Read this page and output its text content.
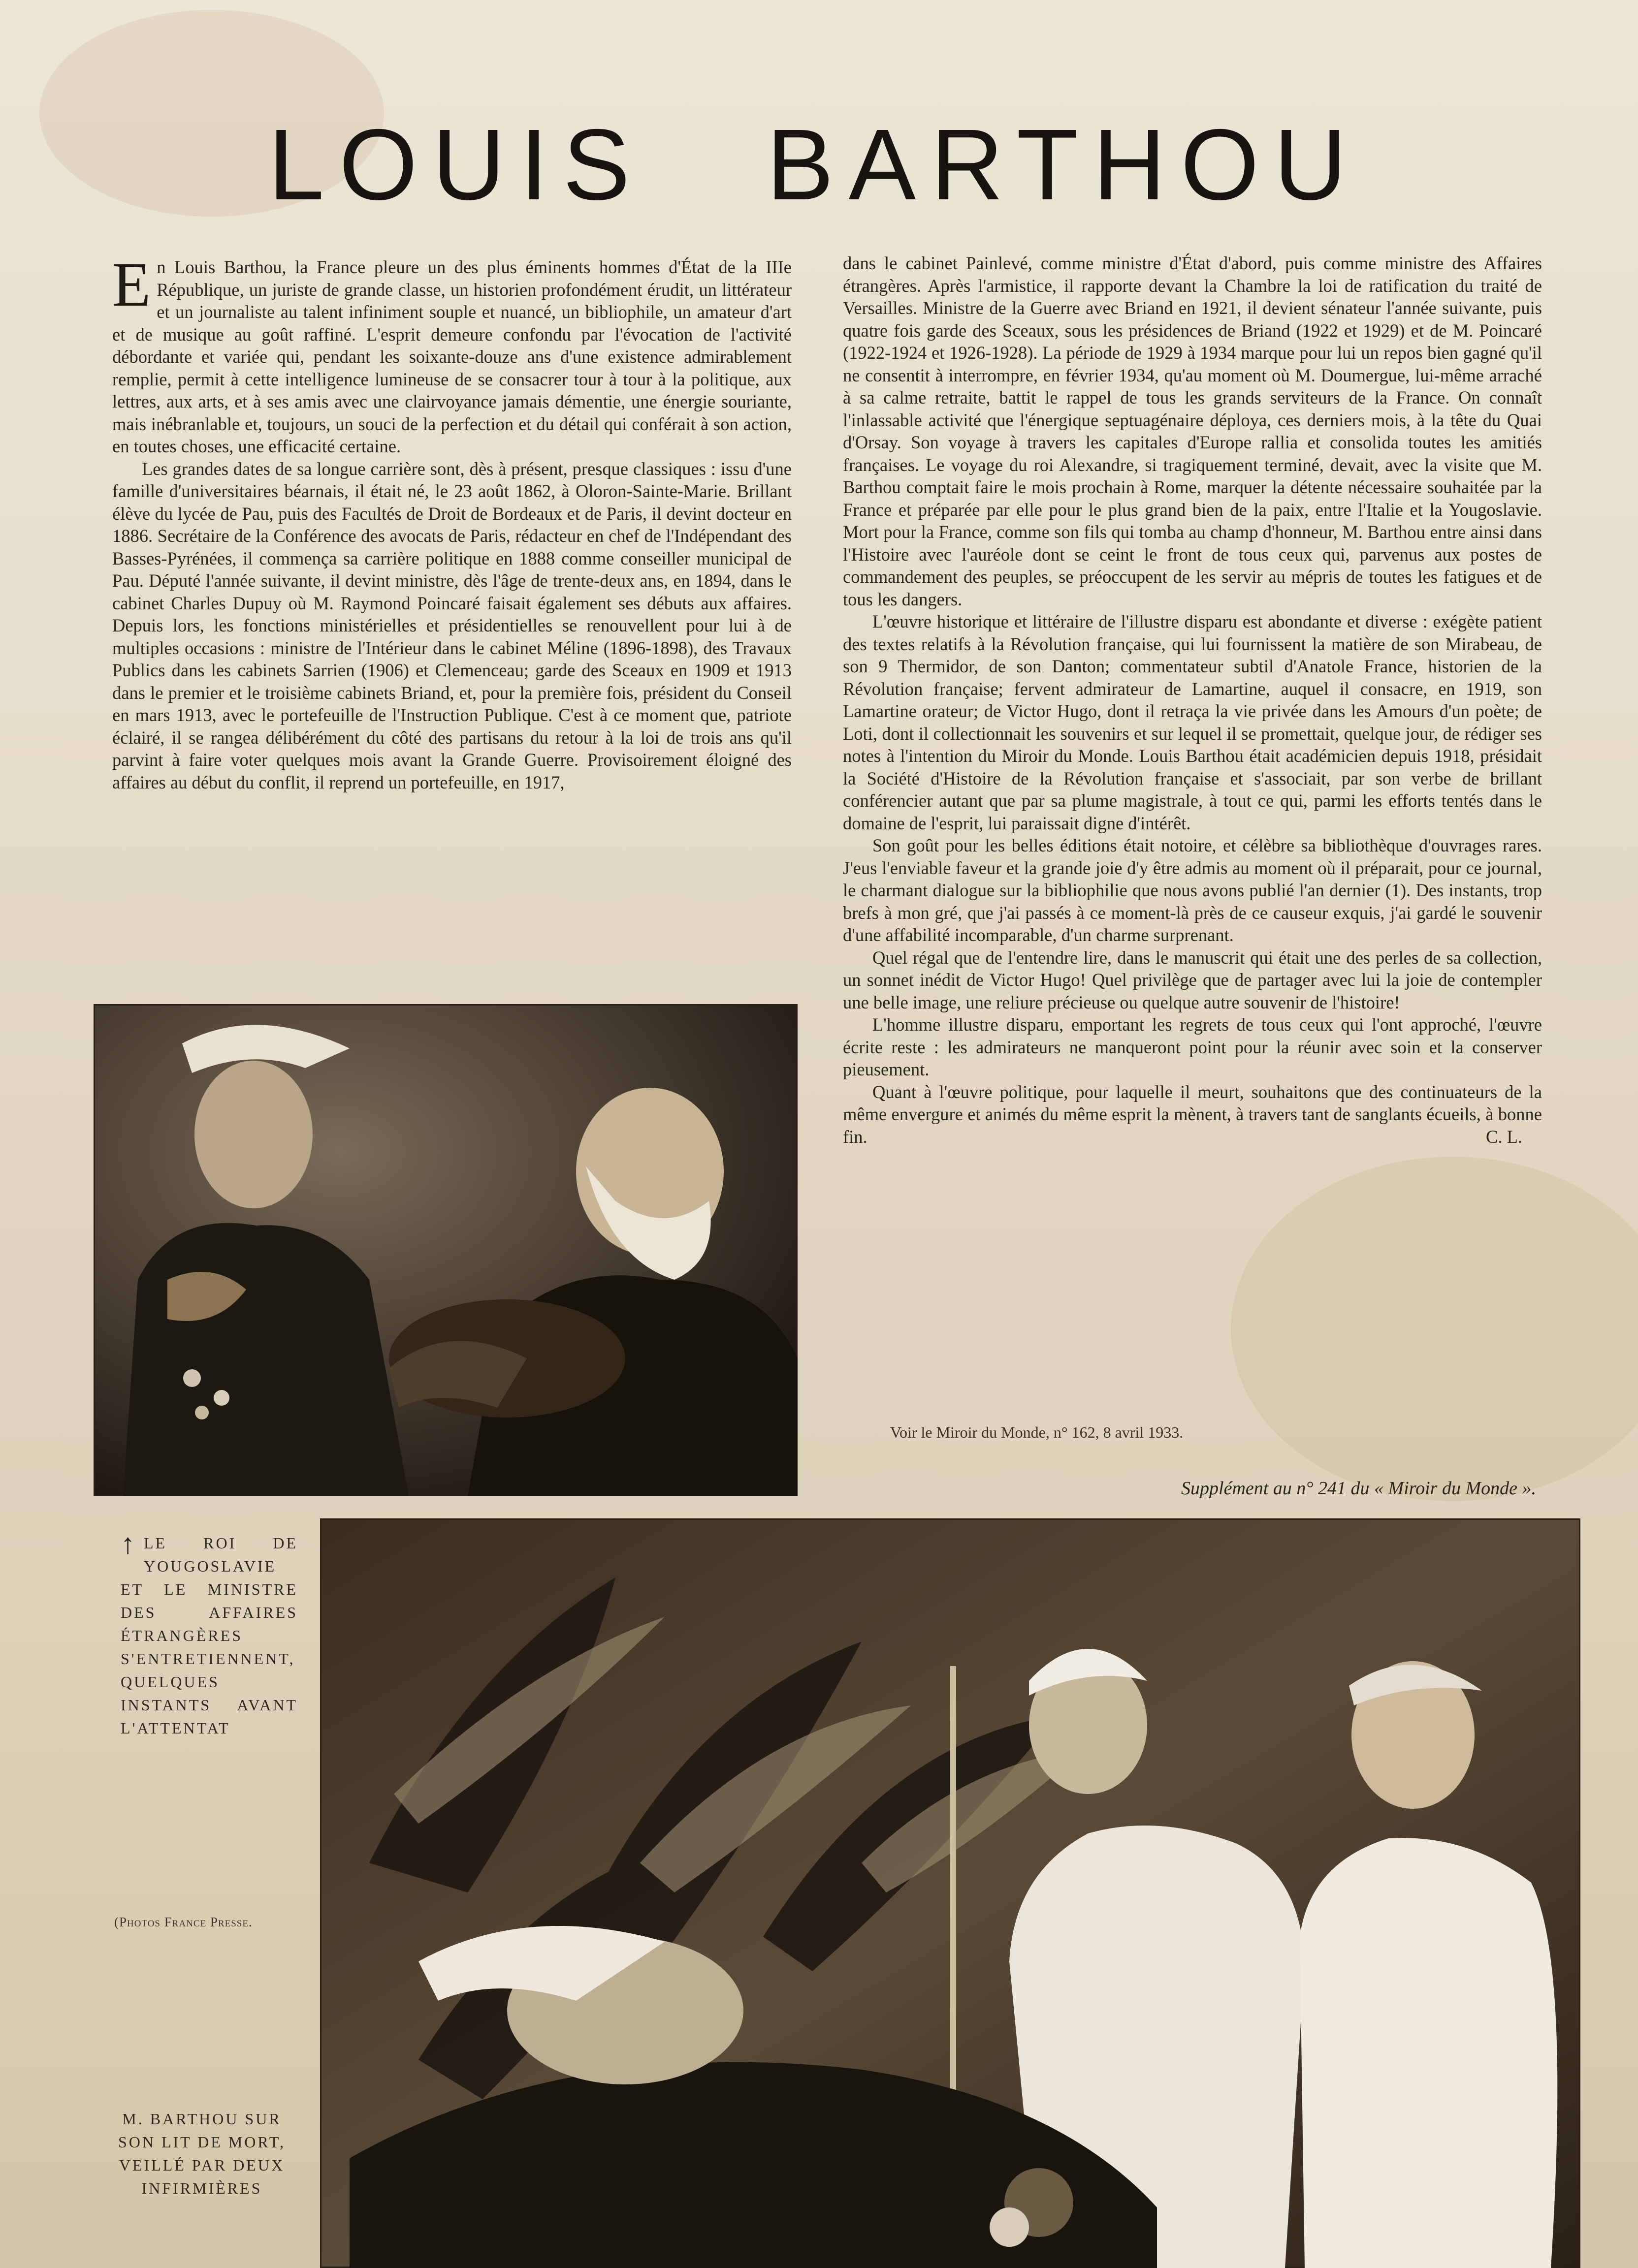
LOUIS BARTHOU

En Louis Barthou, la France pleure un des plus éminents hommes d'État de la IIIe République, un juriste de grande classe, un historien profondément érudit, un littérateur et un journaliste au talent infiniment souple et nuancé, un bibliophile, un amateur d'art et de musique au goût raffiné. L'esprit demeure confondu par l'évocation de l'activité débordante et variée qui, pendant les soixante-douze ans d'une existence admirablement remplie, permit à cette intelligence lumineuse de se consacrer tour à tour à la politique, aux lettres, aux arts, et à ses amis avec une clairvoyance jamais démentie, une énergie souriante, mais inébranlable et, toujours, un souci de la perfection et du détail qui conférait à son action, en toutes choses, une efficacité certaine.

Les grandes dates de sa longue carrière sont, dès à présent, presque classiques : issu d'une famille d'universitaires béarnais, il était né, le 23 août 1862, à Oloron-Sainte-Marie. Brillant élève du lycée de Pau, puis des Facultés de Droit de Bordeaux et de Paris, il devint docteur en 1886. Secrétaire de la Conférence des avocats de Paris, rédacteur en chef de l'Indépendant des Basses-Pyrénées, il commença sa carrière politique en 1888 comme conseiller municipal de Pau. Député l'année suivante, il devint ministre, dès l'âge de trente-deux ans, en 1894, dans le cabinet Charles Dupuy où M. Raymond Poincaré faisait également ses débuts aux affaires. Depuis lors, les fonctions ministérielles et présidentielles se renouvellent pour lui à de multiples occasions : ministre de l'Intérieur dans le cabinet Méline (1896-1898), des Travaux Publics dans les cabinets Sarrien (1906) et Clemenceau; garde des Sceaux en 1909 et 1913 dans le premier et le troisième cabinets Briand, et, pour la première fois, président du Conseil en mars 1913, avec le portefeuille de l'Instruction Publique. C'est à ce moment que, patriote éclairé, il se rangea délibérément du côté des partisans du retour à la loi de trois ans qu'il parvint à faire voter quelques mois avant la Grande Guerre. Provisoirement éloigné des affaires au début du conflit, il reprend un portefeuille, en 1917,

dans le cabinet Painlevé, comme ministre d'État d'abord, puis comme ministre des Affaires étrangères. Après l'armistice, il rapporte devant la Chambre la loi de ratification du traité de Versailles. Ministre de la Guerre avec Briand en 1921, il devient sénateur l'année suivante, puis quatre fois garde des Sceaux, sous les présidences de Briand (1922 et 1929) et de M. Poincaré (1922-1924 et 1926-1928). La période de 1929 à 1934 marque pour lui un repos bien gagné qu'il ne consentit à interrompre, en février 1934, qu'au moment où M. Doumergue, lui-même arraché à sa calme retraite, battit le rappel de tous les grands serviteurs de la France. On connaît l'inlassable activité que l'énergique septuagénaire déploya, ces derniers mois, à la tête du Quai d'Orsay. Son voyage à travers les capitales d'Europe rallia et consolida toutes les amitiés françaises. Le voyage du roi Alexandre, si tragiquement terminé, devait, avec la visite que M. Barthou comptait faire le mois prochain à Rome, marquer la détente nécessaire souhaitée par la France et préparée par elle pour le plus grand bien de la paix, entre l'Italie et la Yougoslavie. Mort pour la France, comme son fils qui tomba au champ d'honneur, M. Barthou entre ainsi dans l'Histoire avec l'auréole dont se ceint le front de tous ceux qui, parvenus aux postes de commandement des peuples, se préoccupent de les servir au mépris de toutes les fatigues et de tous les dangers.

L'œuvre historique et littéraire de l'illustre disparu est abondante et diverse : exégète patient des textes relatifs à la Révolution française, qui lui fournissent la matière de son Mirabeau, de son 9 Thermidor, de son Danton; commentateur subtil d'Anatole France, historien de la Révolution française; fervent admirateur de Lamartine, auquel il consacre, en 1919, son Lamartine orateur; de Victor Hugo, dont il retraça la vie privée dans les Amours d'un poète; de Loti, dont il collectionnait les souvenirs et sur lequel il se promettait, quelque jour, de rédiger ses notes à l'intention du Miroir du Monde. Louis Barthou était académicien depuis 1918, présidait la Société d'Histoire de la Révolution française et s'associait, par son verbe de brillant conférencier autant que par sa plume magistrale, à tout ce qui, parmi les efforts tentés dans le domaine de l'esprit, lui paraissait digne d'intérêt.

Son goût pour les belles éditions était notoire, et célèbre sa bibliothèque d'ouvrages rares. J'eus l'enviable faveur et la grande joie d'y être admis au moment où il préparait, pour ce journal, le charmant dialogue sur la bibliophilie que nous avons publié l'an dernier (1). Des instants, trop brefs à mon gré, que j'ai passés à ce moment-là près de ce causeur exquis, j'ai gardé le souvenir d'une affabilité incomparable, d'un charme surprenant.

Quel régal que de l'entendre lire, dans le manuscrit qui était une des perles de sa collection, un sonnet inédit de Victor Hugo! Quel privilège que de partager avec lui la joie de contempler une belle image, une reliure précieuse ou quelque autre souvenir de l'histoire!

L'homme illustre disparu, emportant les regrets de tous ceux qui l'ont approché, l'œuvre écrite reste : les admirateurs ne manqueront point pour la réunir avec soin et la conserver pieusement.

Quant à l'œuvre politique, pour laquelle il meurt, souhaitons que des continuateurs de la même envergure et animés du même esprit la mènent, à travers tant de sanglants écueils, à bonne fin.	C. L.

Voir le Miroir du Monde, n° 162, 8 avril 1933.
Supplément au n° 241 du « Miroir du Monde ».
↑ LE ROI DE YOUGOSLAVIE ET LE MINISTRE DES AFFAIRES ÉTRANGÈRES S'ENTRETIENNENT, QUELQUES INSTANTS AVANT L'ATTENTAT
(Photos France Presse.
M. BARTHOU SUR SON LIT DE MORT, VEILLÉ PAR DEUX INFIRMIÈRES
